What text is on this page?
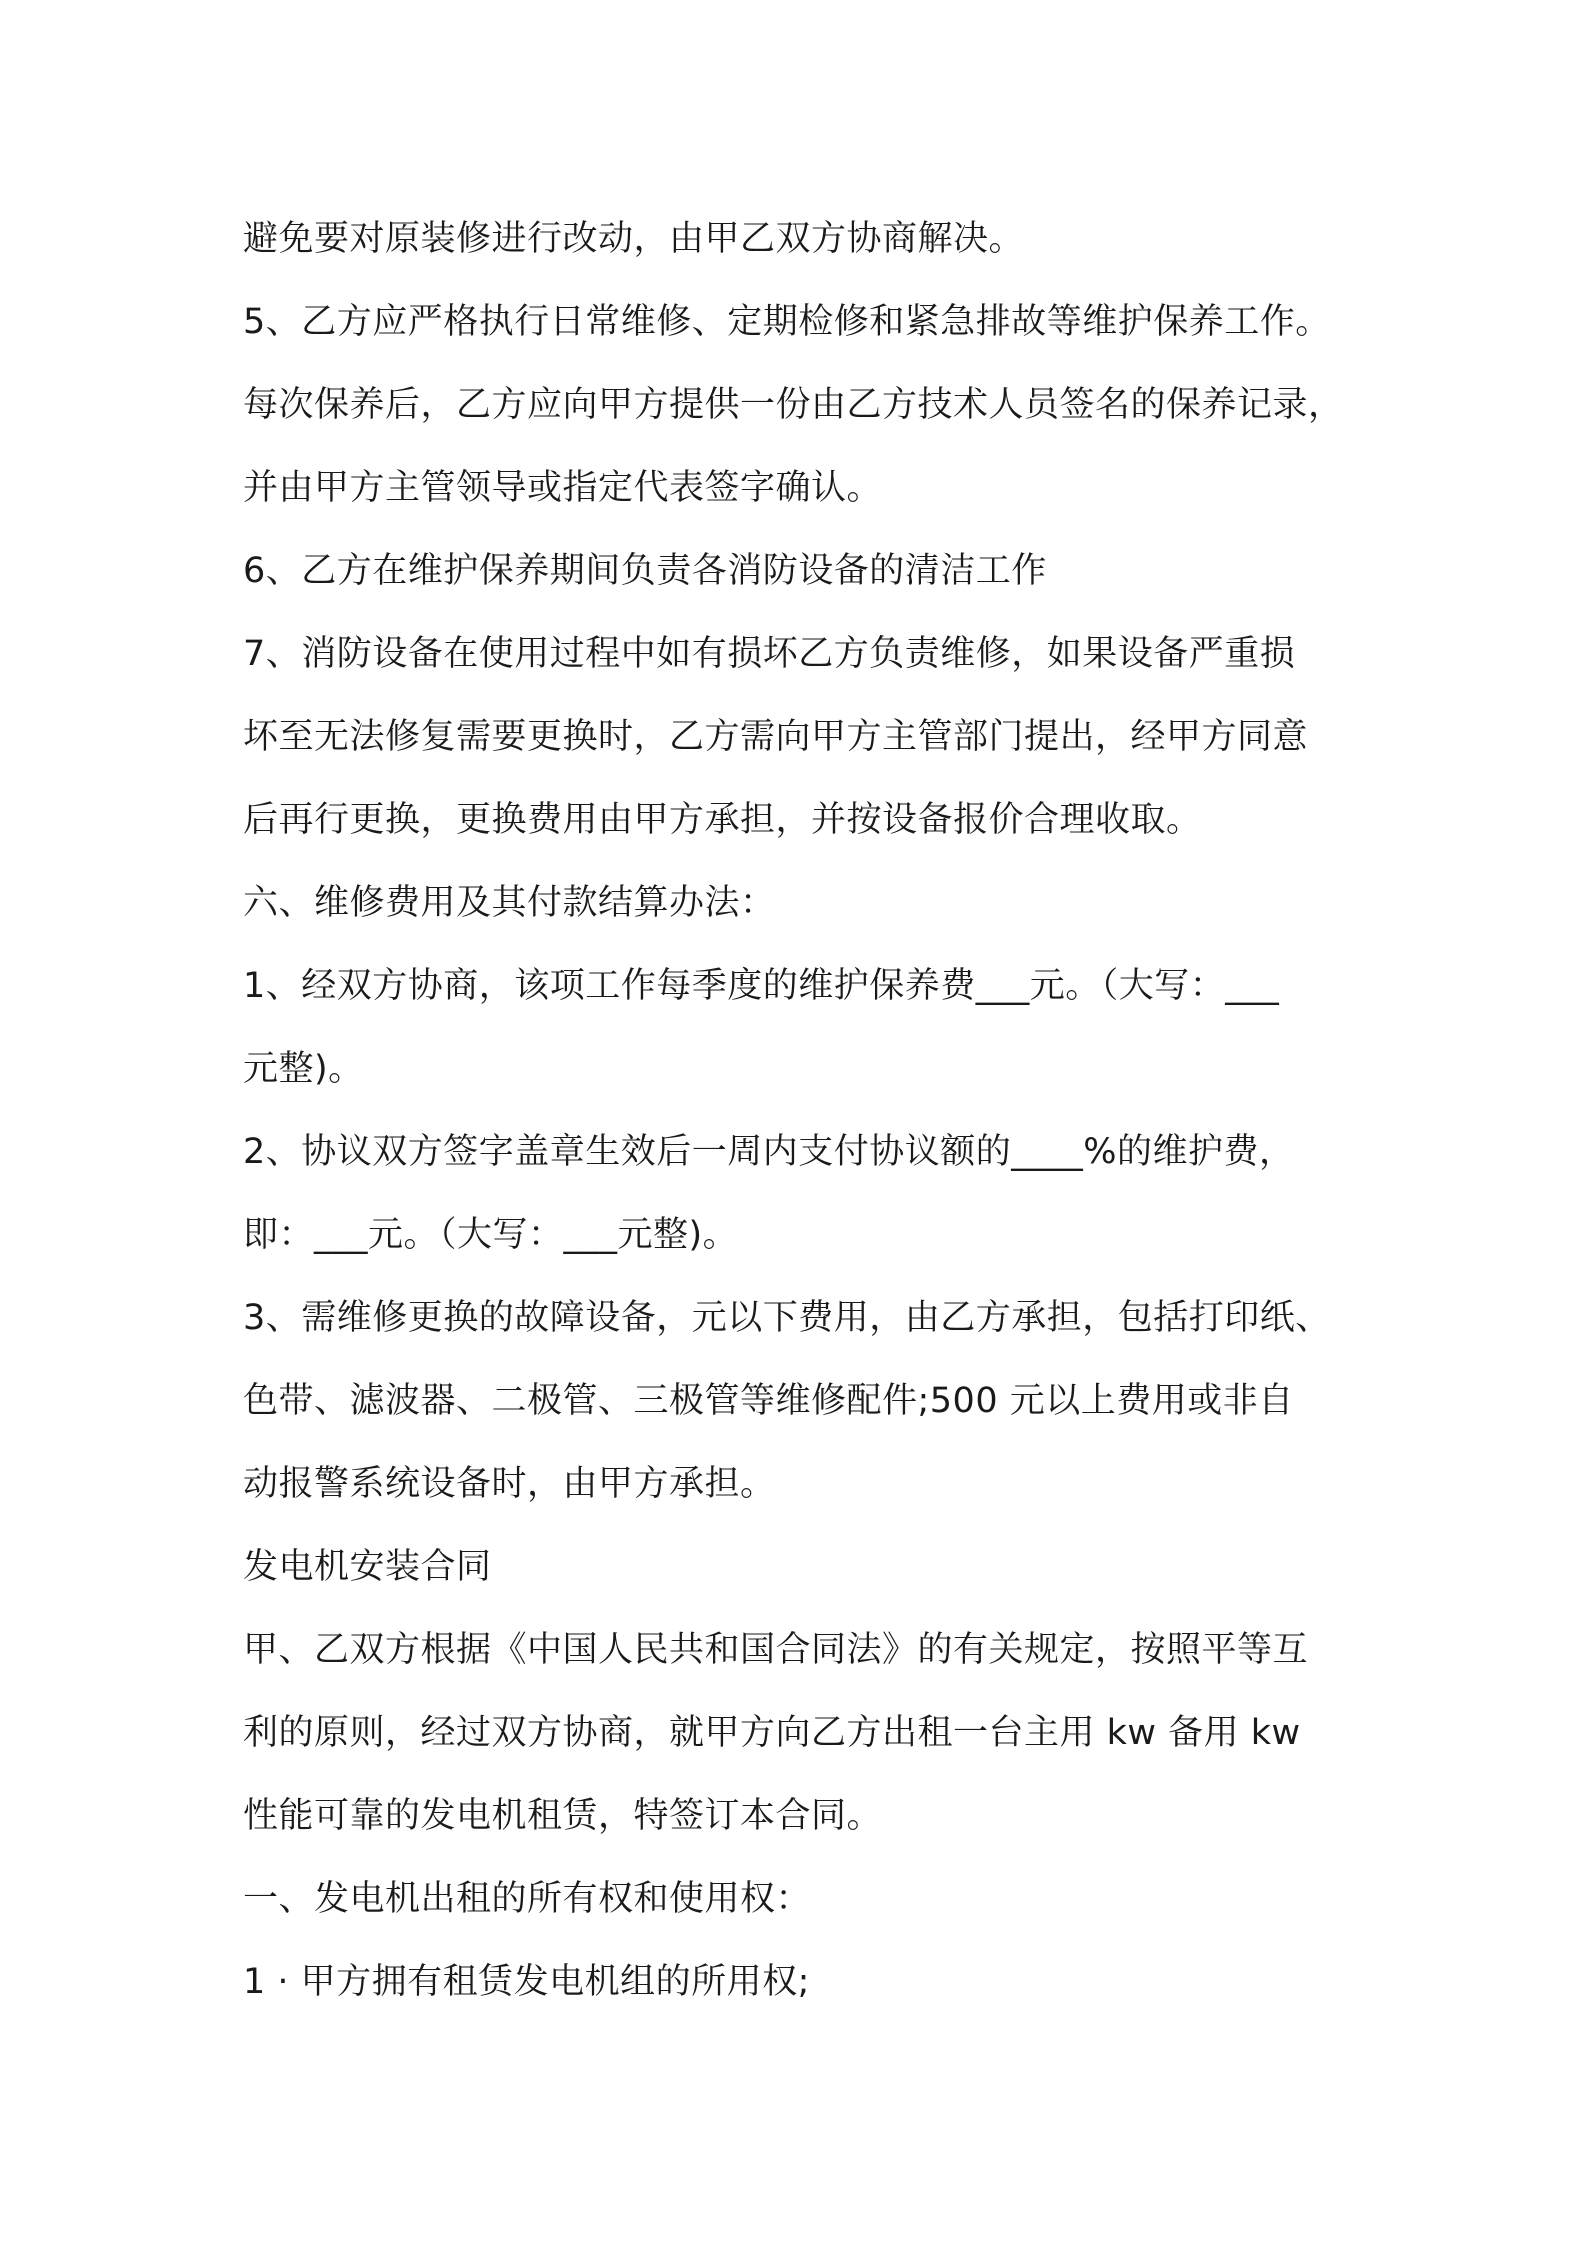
避免要对原装修进行改动，由甲乙双方协商解决。
5、乙方应严格执行日常维修、定期检修和紧急排故等维护保养工作。
每次保养后，乙方应向甲方提供一份由乙方技术人员签名的保养记录，
并由甲方主管领导或指定代表签字确认。
6、乙方在维护保养期间负责各消防设备的清洁工作
7、消防设备在使用过程中如有损坏乙方负责维修，如果设备严重损
坏至无法修复需要更换时，乙方需向甲方主管部门提出，经甲方同意
后再行更换，更换费用由甲方承担，并按设备报价合理收取。
六、维修费用及其付款结算办法：
1、经双方协商，该项工作每季度的维护保养费___元。（大写：___
元整)。
2、协议双方签字盖章生效后一周内支付协议额的____%的维护费，
即：___元。（大写：___元整)。
3、需维修更换的故障设备，元以下费用，由乙方承担，包括打印纸、
色带、滤波器、二极管、三极管等维修配件;500 元以上费用或非自
动报警系统设备时，由甲方承担。
发电机安装合同
甲、乙双方根据《中国人民共和国合同法》的有关规定，按照平等互
利的原则，经过双方协商，就甲方向乙方出租一台主用 kw 备用 kw
性能可靠的发电机租赁，特签订本合同。
一、发电机出租的所有权和使用权：
1 · 甲方拥有租赁发电机组的所用权;
